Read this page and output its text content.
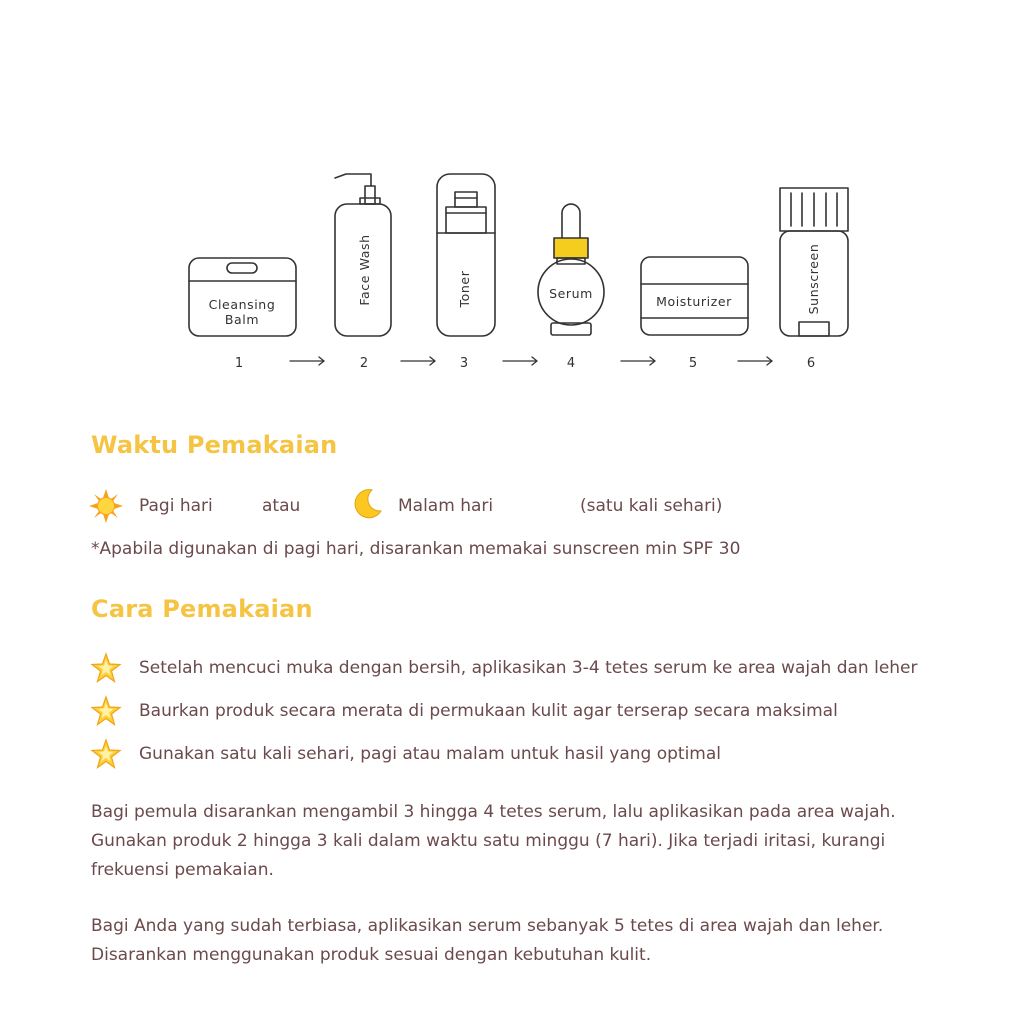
Cleansing
Balm
Face Wash	Toner	Serum
Moisturizer	Sunscreen
1	2	3	4	5	6
Waktu Pemakaian
Pagi hari	atau	Malam hari	(satu kali sehari)
*Apabila digunakan di pagi hari, disarankan memakai sunscreen min SPF 30
Cara Pemakaian
Setelah mencuci muka dengan bersih, aplikasikan 3-4 tetes serum ke area wajah dan leher
Baurkan produk secara merata di permukaan kulit agar terserap secara maksimal
Gunakan satu kali sehari, pagi atau malam untuk hasil yang optimal

Bagi pemula disarankan mengambil 3 hingga 4 tetes serum, lalu aplikasikan pada area wajah.
Gunakan produk 2 hingga 3 kali dalam waktu satu minggu (7 hari). Jika terjadi iritasi, kurangi
frekuensi pemakaian.

Bagi Anda yang sudah terbiasa, aplikasikan serum sebanyak 5 tetes di area wajah dan leher.
Disarankan menggunakan produk sesuai dengan kebutuhan kulit.
